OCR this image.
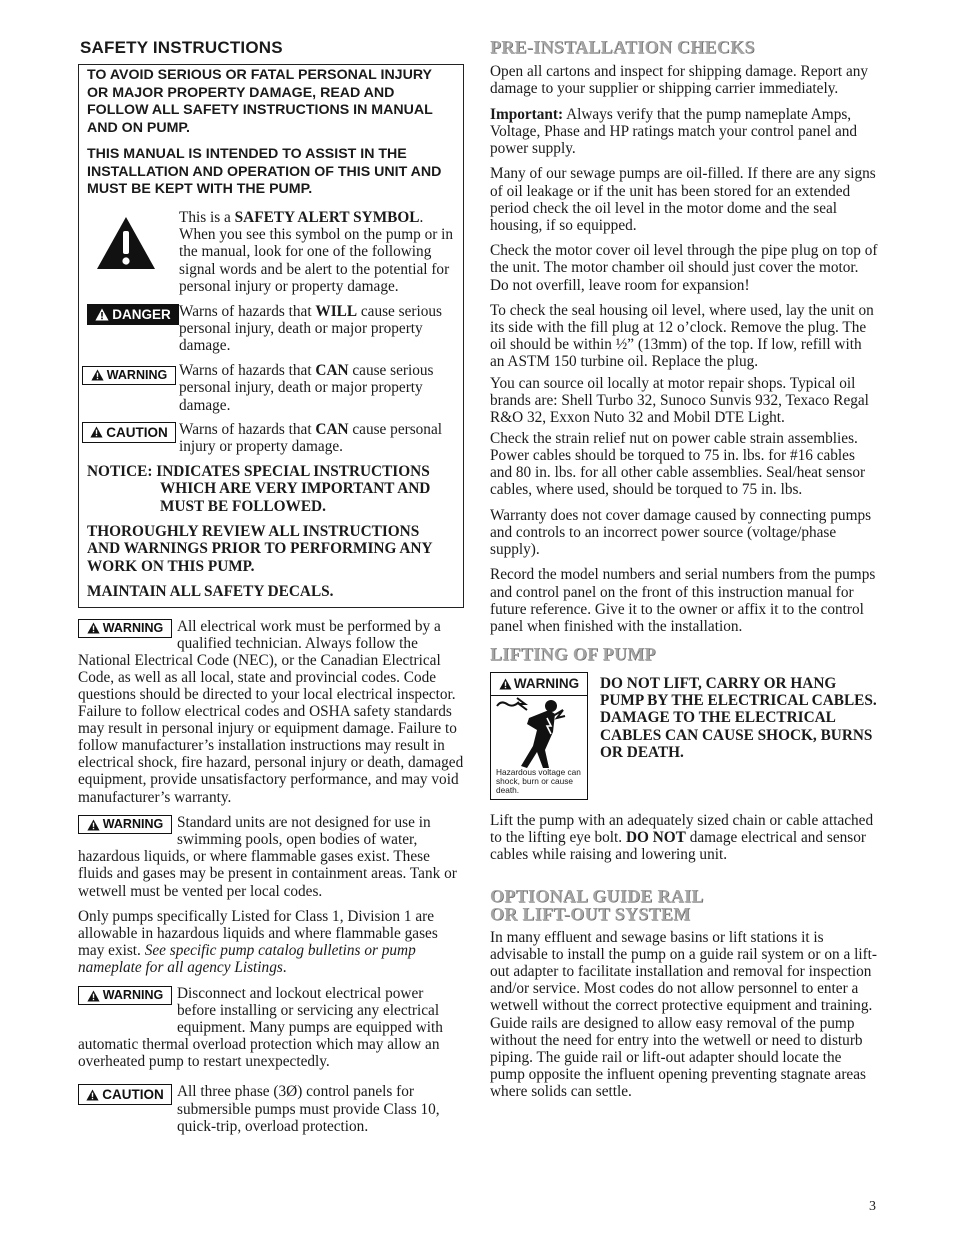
SAFETY INSTRUCTIONS

TO AVOID SERIOUS OR FATAL PERSONAL INJURY OR MAJOR PROPERTY DAMAGE, READ AND FOLLOW ALL SAFETY INSTRUCTIONS IN MANUAL AND ON PUMP.

THIS MANUAL IS INTENDED TO ASSIST IN THE INSTALLATION AND OPERATION OF THIS UNIT AND MUST BE KEPT WITH THE PUMP.

This is a SAFETY ALERT SYMBOL. When you see this symbol on the pump or in the manual, look for one of the following signal words and be alert to the potential for personal injury or property damage.
DANGER Warns of hazards that WILL cause serious personal injury, death or major property damage.
WARNING Warns of hazards that CAN cause serious personal injury, death or major property damage.
CAUTION Warns of hazards that CAN cause personal injury or property damage.

NOTICE: INDICATES SPECIAL INSTRUCTIONS
WHICH ARE VERY IMPORTANT AND MUST BE FOLLOWED.

THOROUGHLY REVIEW ALL INSTRUCTIONS AND WARNINGS PRIOR TO PERFORMING ANY WORK ON THIS PUMP.

MAINTAIN ALL SAFETY DECALS.

WARNING All electrical work must be performed by a qualified technician. Always follow the National Electrical Code (NEC), or the Canadian Electrical Code, as well as all local, state and provincial codes. Code questions should be directed to your local electrical inspector. Failure to follow electrical codes and OSHA safety standards may result in personal injury or equipment damage. Failure to follow manufacturer’s installation instructions may result in electrical shock, fire hazard, personal injury or death, damaged equipment, provide unsatisfactory performance, and may void manufacturer’s warranty.

WARNING Standard units are not designed for use in swimming pools, open bodies of water, hazardous liquids, or where flammable gases exist. These fluids and gases may be present in containment areas. Tank or wetwell must be vented per local codes.

Only pumps specifically Listed for Class 1, Division 1 are allowable in hazardous liquids and where flammable gases may exist. See specific pump catalog bulletins or pump nameplate for all agency Listings.

WARNING Disconnect and lockout electrical power before installing or servicing any electrical equipment. Many pumps are equipped with automatic thermal overload protection which may allow an overheated pump to restart unexpectedly.

CAUTION All three phase (3Ø) control panels for submersible pumps must provide Class 10, quick-trip, overload protection.

PRE-INSTALLATION CHECKS

Open all cartons and inspect for shipping damage. Report any damage to your supplier or shipping carrier immediately.

Important: Always verify that the pump nameplate Amps, Voltage, Phase and HP ratings match your control panel and power supply.

Many of our sewage pumps are oil-filled. If there are any signs of oil leakage or if the unit has been stored for an extended period check the oil level in the motor dome and the seal housing, if so equipped.

Check the motor cover oil level through the pipe plug on top of the unit. The motor chamber oil should just cover the motor. Do not overfill, leave room for expansion!

To check the seal housing oil level, where used, lay the unit on its side with the fill plug at 12 o’clock. Remove the plug. The oil should be within ½” (13mm) of the top. If low, refill with an ASTM 150 turbine oil. Replace the plug.

You can source oil locally at motor repair shops. Typical oil brands are: Shell Turbo 32, Sunoco Sunvis 932, Texaco Regal R&O 32, Exxon Nuto 32 and Mobil DTE Light.

Check the strain relief nut on power cable strain assemblies. Power cables should be torqued to 75 in. lbs. for #16 cables and 80 in. lbs. for all other cable assemblies. Seal/heat sensor cables, where used, should be torqued to 75 in. lbs.

Warranty does not cover damage caused by connecting pumps and controls to an incorrect power source (voltage/phase supply).

Record the model numbers and serial numbers from the pumps and control panel on the front of this instruction manual for future reference. Give it to the owner or affix it to the control panel when finished with the installation.

LIFTING OF PUMP
WARNING
Hazardous voltage can shock, burn or cause death.
DO NOT LIFT, CARRY OR HANG PUMP BY THE ELECTRICAL CABLES. DAMAGE TO THE ELECTRICAL CABLES CAN CAUSE SHOCK, BURNS OR DEATH.

Lift the pump with an adequately sized chain or cable attached to the lifting eye bolt. DO NOT damage electrical and sensor cables while raising and lowering unit.

OPTIONAL GUIDE RAIL
OR LIFT-OUT SYSTEM

In many effluent and sewage basins or lift stations it is advisable to install the pump on a guide rail system or on a lift-out adapter to facilitate installation and removal for inspection and/or service. Most codes do not allow personnel to enter a wetwell without the correct protective equipment and training. Guide rails are designed to allow easy removal of the pump without the need for entry into the wetwell or need to disturb piping. The guide rail or lift-out adapter should locate the pump opposite the influent opening preventing stagnate areas where solids can settle.

3
